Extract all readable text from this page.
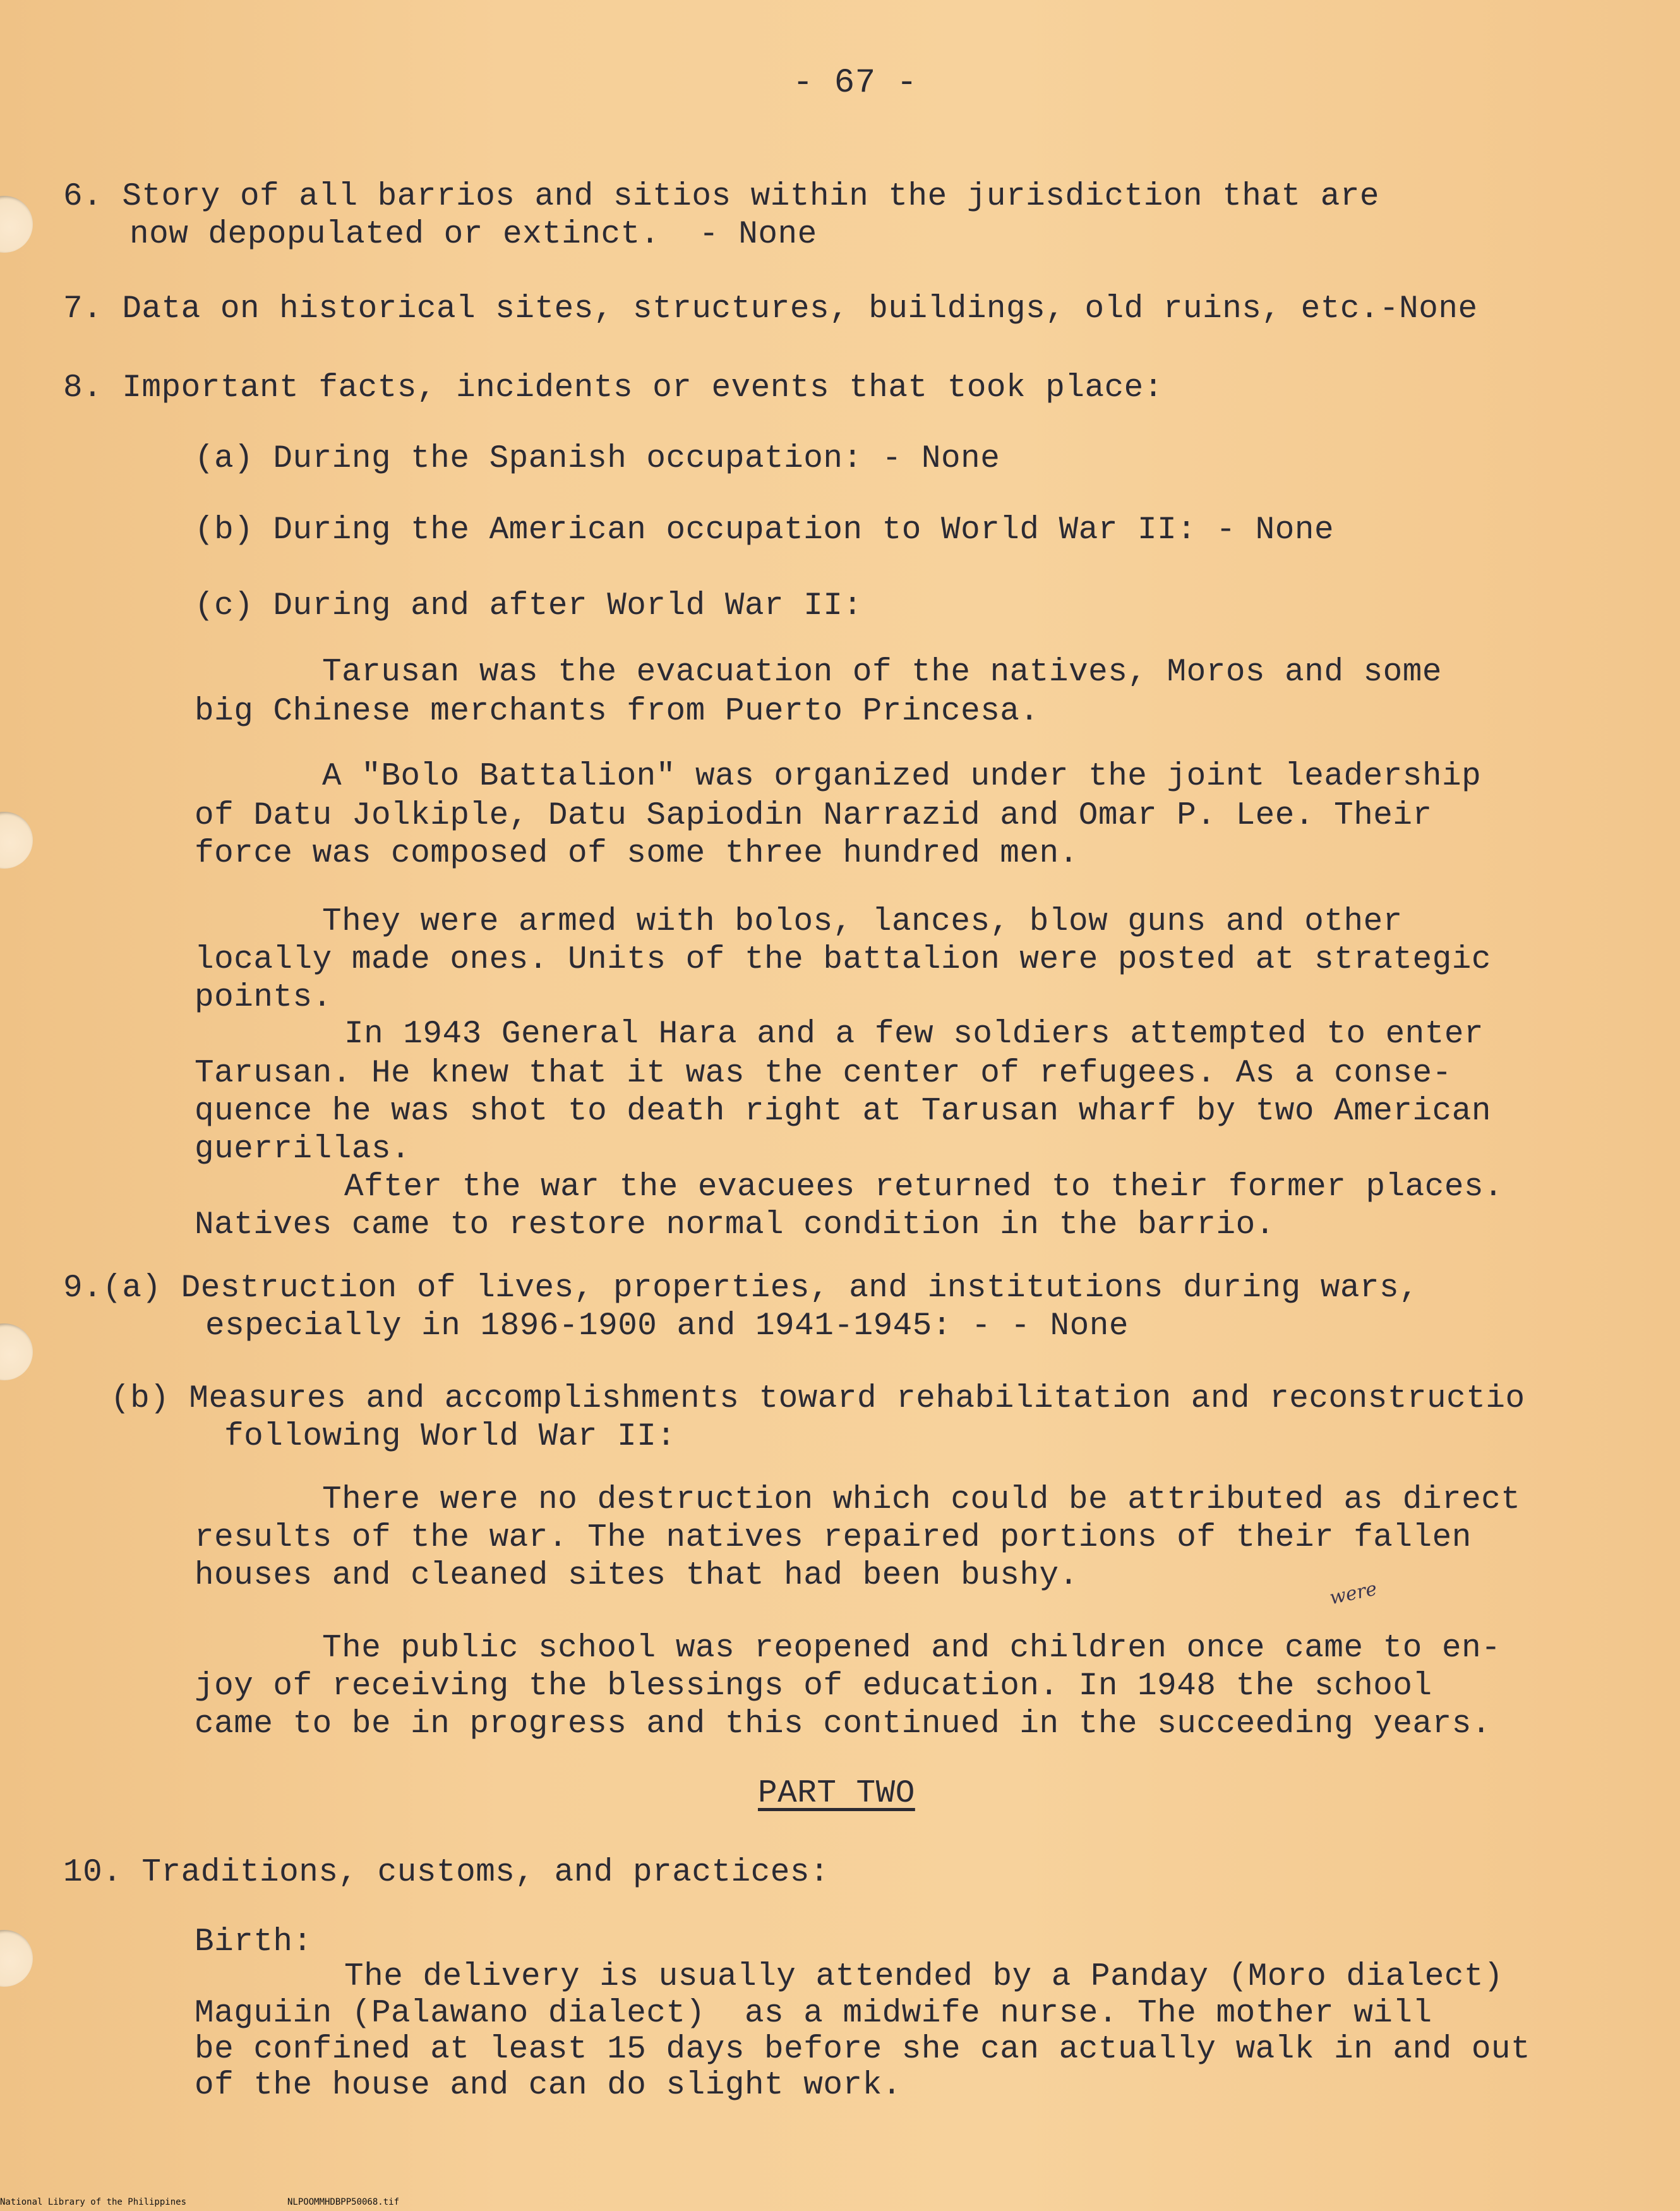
- 67 -
6. Story of all barrios and sitios within the jurisdiction that are
now depopulated or extinct.  - None
7. Data on historical sites, structures, buildings, old ruins, etc.-None
8. Important facts, incidents or events that took place:
(a) During the Spanish occupation: - None
(b) During the American occupation to World War II: - None
(c) During and after World War II:
Tarusan was the evacuation of the natives, Moros and some
big Chinese merchants from Puerto Princesa.
A "Bolo Battalion" was organized under the joint leadership
of Datu Jolkiple, Datu Sapiodin Narrazid and Omar P. Lee. Their
force was composed of some three hundred men.
They were armed with bolos, lances, blow guns and other
locally made ones. Units of the battalion were posted at strategic
points.
In 1943 General Hara and a few soldiers attempted to enter
Tarusan. He knew that it was the center of refugees. As a conse-
quence he was shot to death right at Tarusan wharf by two American
guerrillas.
After the war the evacuees returned to their former places.
Natives came to restore normal condition in the barrio.
9.(a) Destruction of lives, properties, and institutions during wars,
especially in 1896-1900 and 1941-1945: - - None
(b) Measures and accomplishments toward rehabilitation and reconstructio
following World War II:
There were no destruction which could be attributed as direct
results of the war. The natives repaired portions of their fallen
houses and cleaned sites that had been bushy.	were
The public school was reopened and children once came to en-
joy of receiving the blessings of education. In 1948 the school
came to be in progress and this continued in the succeeding years.
PART TWO
10. Traditions, customs, and practices:
Birth:
The delivery is usually attended by a Panday (Moro dialect)
Maguiin (Palawano dialect)  as a midwife nurse. The mother will
be confined at least 15 days before she can actually walk in and out
of the house and can do slight work.
National Library of the Philippines	NLPOOMMHDBPP50068.tif
